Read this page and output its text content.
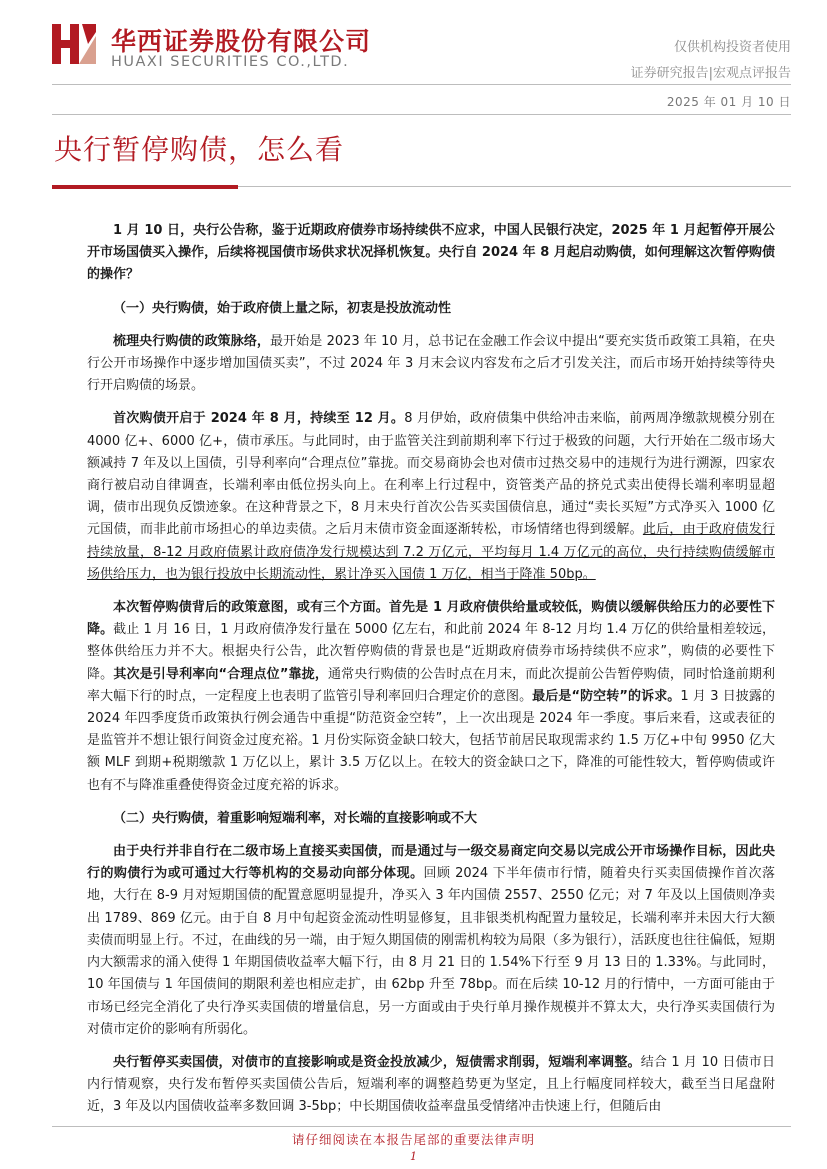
华西证券股份有限公司
HUAXI SECURITIES CO.,LTD.
仅供机构投资者使用
证券研究报告|宏观点评报告
2025 年 01 月 10 日
央行暂停购债，怎么看

1 月 10 日，央行公告称，鉴于近期政府债券市场持续供不应求，中国人民银行决定，2025 年 1 月起暂停开展公开市场国债买入操作，后续将视国债市场供求状况择机恢复。央行自 2024 年 8 月起启动购债，如何理解这次暂停购债的操作？

（一）央行购债，始于政府债上量之际，初衷是投放流动性

梳理央行购债的政策脉络，最开始是 2023 年 10 月，总书记在金融工作会议中提出“要充实货币政策工具箱，在央行公开市场操作中逐步增加国债买卖”，不过 2024 年 3 月末会议内容发布之后才引发关注，而后市场开始持续等待央行开启购债的场景。

首次购债开启于 2024 年 8 月，持续至 12 月。8 月伊始，政府债集中供给冲击来临，前两周净缴款规模分别在 4000 亿+、6000 亿+，债市承压。与此同时，由于监管关注到前期利率下行过于极致的问题，大行开始在二级市场大额减持 7 年及以上国债，引导利率向“合理点位”靠拢。而交易商协会也对债市过热交易中的违规行为进行溯源，四家农商行被启动自律调查，长端利率由低位拐头向上。在利率上行过程中，资管类产品的挤兑式卖出使得长端利率明显超调，债市出现负反馈迹象。在这种背景之下，8 月末央行首次公告买卖国债信息，通过“卖长买短”方式净买入 1000 亿元国债，而非此前市场担心的单边卖债。之后月末债市资金面逐渐转松，市场情绪也得到缓解。此后，由于政府债发行持续放量，8-12 月政府债累计政府债净发行规模达到 7.2 万亿元，平均每月 1.4 万亿元的高位，央行持续购债缓解市场供给压力，也为银行投放中长期流动性，累计净买入国债 1 万亿，相当于降准 50bp。

本次暂停购债背后的政策意图，或有三个方面。首先是 1 月政府债供给量或较低，购债以缓解供给压力的必要性下降。截止 1 月 16 日，1 月政府债净发行量在 5000 亿左右，和此前 2024 年 8-12 月均 1.4 万亿的供给量相差较远，整体供给压力并不大。根据央行公告，此次暂停购债的背景也是“近期政府债券市场持续供不应求”，购债的必要性下降。其次是引导利率向“合理点位”靠拢，通常央行购债的公告时点在月末，而此次提前公告暂停购债，同时恰逢前期利率大幅下行的时点，一定程度上也表明了监管引导利率回归合理定价的意图。最后是“防空转”的诉求。1 月 3 日披露的 2024 年四季度货币政策执行例会通告中重提“防范资金空转”，上一次出现是 2024 年一季度。事后来看，这或表征的是监管并不想让银行间资金过度充裕。1 月份实际资金缺口较大，包括节前居民取现需求约 1.5 万亿+中旬 9950 亿大额 MLF 到期+税期缴款 1 万亿以上，累计 3.5 万亿以上。在较大的资金缺口之下，降准的可能性较大，暂停购债或许也有不与降准重叠使得资金过度充裕的诉求。

（二）央行购债，着重影响短端利率，对长端的直接影响或不大

由于央行并非自行在二级市场上直接买卖国债，而是通过与一级交易商定向交易以完成公开市场操作目标，因此央行的购债行为或可通过大行等机构的交易动向部分体现。回顾 2024 下半年债市行情，随着央行买卖国债操作首次落地，大行在 8-9 月对短期国债的配置意愿明显提升，净买入 3 年内国债 2557、2550 亿元；对 7 年及以上国债则净卖出 1789、869 亿元。由于自 8 月中旬起资金流动性明显修复，且非银类机构配置力量较足，长端利率并未因大行大额卖债而明显上行。不过，在曲线的另一端，由于短久期国债的刚需机构较为局限（多为银行），活跃度也往往偏低，短期内大额需求的涌入使得 1 年期国债收益率大幅下行，由 8 月 21 日的 1.54%下行至 9 月 13 日的 1.33%。与此同时，10 年国债与 1 年国债间的期限利差也相应走扩，由 62bp 升至 78bp。而在后续 10-12 月的行情中，一方面可能由于市场已经完全消化了央行净买卖国债的增量信息，另一方面或由于央行单月操作规模并不算太大，央行净买卖国债行为对债市定价的影响有所弱化。

央行暂停买卖国债，对债市的直接影响或是资金投放减少，短债需求削弱，短端利率调整。结合 1 月 10 日债市日内行情观察，央行发布暂停买卖国债公告后，短端利率的调整趋势更为坚定，且上行幅度同样较大，截至当日尾盘附近，3 年及以内国债收益率多数回调 3-5bp；中长期国债收益率盘虽受情绪冲击快速上行，但随后由

请仔细阅读在本报告尾部的重要法律声明
1
